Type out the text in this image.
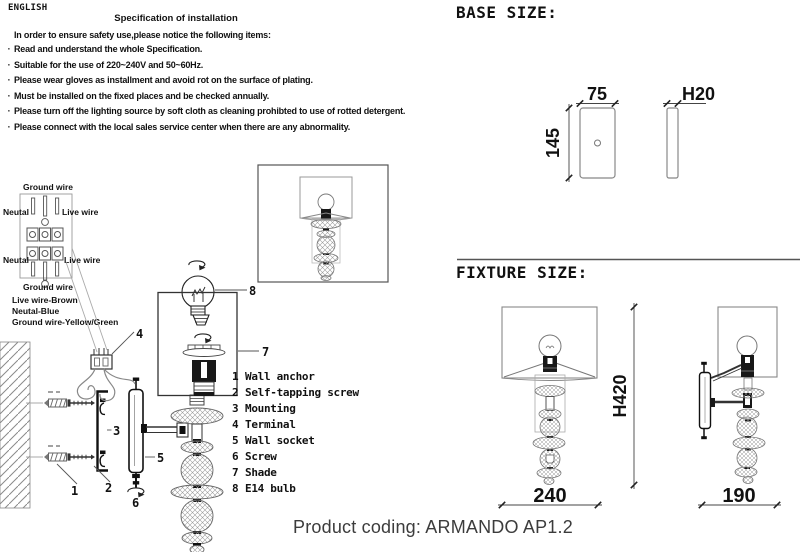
ENGLISH
Specification of installation
In order to ensure safety use,please notice the following items:
· Read and understand the whole Specification.
· Suitable for the use of 220~240V and 50~60Hz.
· Please wear gloves as installment and avoid rot on the surface of plating.
· Must be installed on the fixed places and be checked annually.
· Please turn off the lighting source by soft cloth as cleaning prohibted to use of rotted detergent.
· Please connect with the local sales service center when there are any abnormality.
Ground wire
Neutal	Live wire
Neutal	Live wire
Ground wire
Live wire-Brown
Neutal-Blue
Ground wire-Yellow/Green
1 2
3
4
5
6
7
8
1 Wall anchor
2 Self-tapping screw
3 Mounting
4 Terminal
5 Wall socket
6 Screw
7 Shade
8 E14 bulb
BASE SIZE:
75
145
H20
FIXTURE SIZE:
H420
240	190
Product coding: ARMANDO AP1.2
